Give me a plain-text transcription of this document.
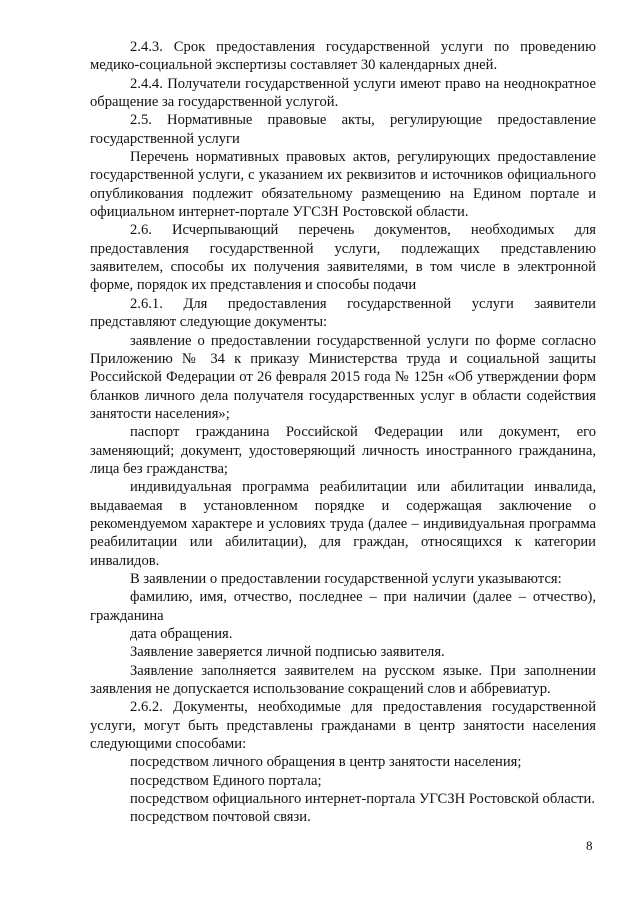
2.4.3. Срок предоставления государственной услуги по проведению медико-социальной экспертизы составляет 30 календарных дней.

2.4.4. Получатели государственной услуги имеют право на неоднократное обращение за государственной услугой.

2.5. Нормативные правовые акты, регулирующие предоставление государственной услуги

Перечень нормативных правовых актов, регулирующих предоставление государственной услуги, с указанием их реквизитов и источников официального опубликования подлежит обязательному размещению на Едином портале и официальном интернет-портале УГСЗН Ростовской области.

2.6. Исчерпывающий перечень документов, необходимых для предоставления государственной услуги, подлежащих представлению заявителем, способы их получения заявителями, в том числе в электронной форме, порядок их представления и способы подачи

2.6.1. Для предоставления государственной услуги заявители представляют следующие документы:

заявление о предоставлении государственной услуги по форме согласно Приложению № 34 к приказу Министерства труда и социальной защиты Российской Федерации от 26 февраля 2015 года № 125н «Об утверждении форм бланков личного дела получателя государственных услуг в области содействия занятости населения»;

паспорт гражданина Российской Федерации или документ, его заменяющий; документ, удостоверяющий личность иностранного гражданина, лица без гражданства;

индивидуальная программа реабилитации или абилитации инвалида, выдаваемая в установленном порядке и содержащая заключение о рекомендуемом характере и условиях труда (далее – индивидуальная программа реабилитации или абилитации), для граждан, относящихся к категории инвалидов.

В заявлении о предоставлении государственной услуги указываются:

фамилию, имя, отчество, последнее – при наличии (далее – отчество), гражданина

дата обращения.

Заявление заверяется личной подписью заявителя.

Заявление заполняется заявителем на русском языке. При заполнении заявления не допускается использование сокращений слов и аббревиатур.

2.6.2. Документы, необходимые для предоставления государственной услуги, могут быть представлены гражданами в центр занятости населения следующими способами:

посредством личного обращения в центр занятости населения;

посредством Единого портала;

посредством официального интернет-портала УГСЗН Ростовской области.

посредством почтовой связи.

8
